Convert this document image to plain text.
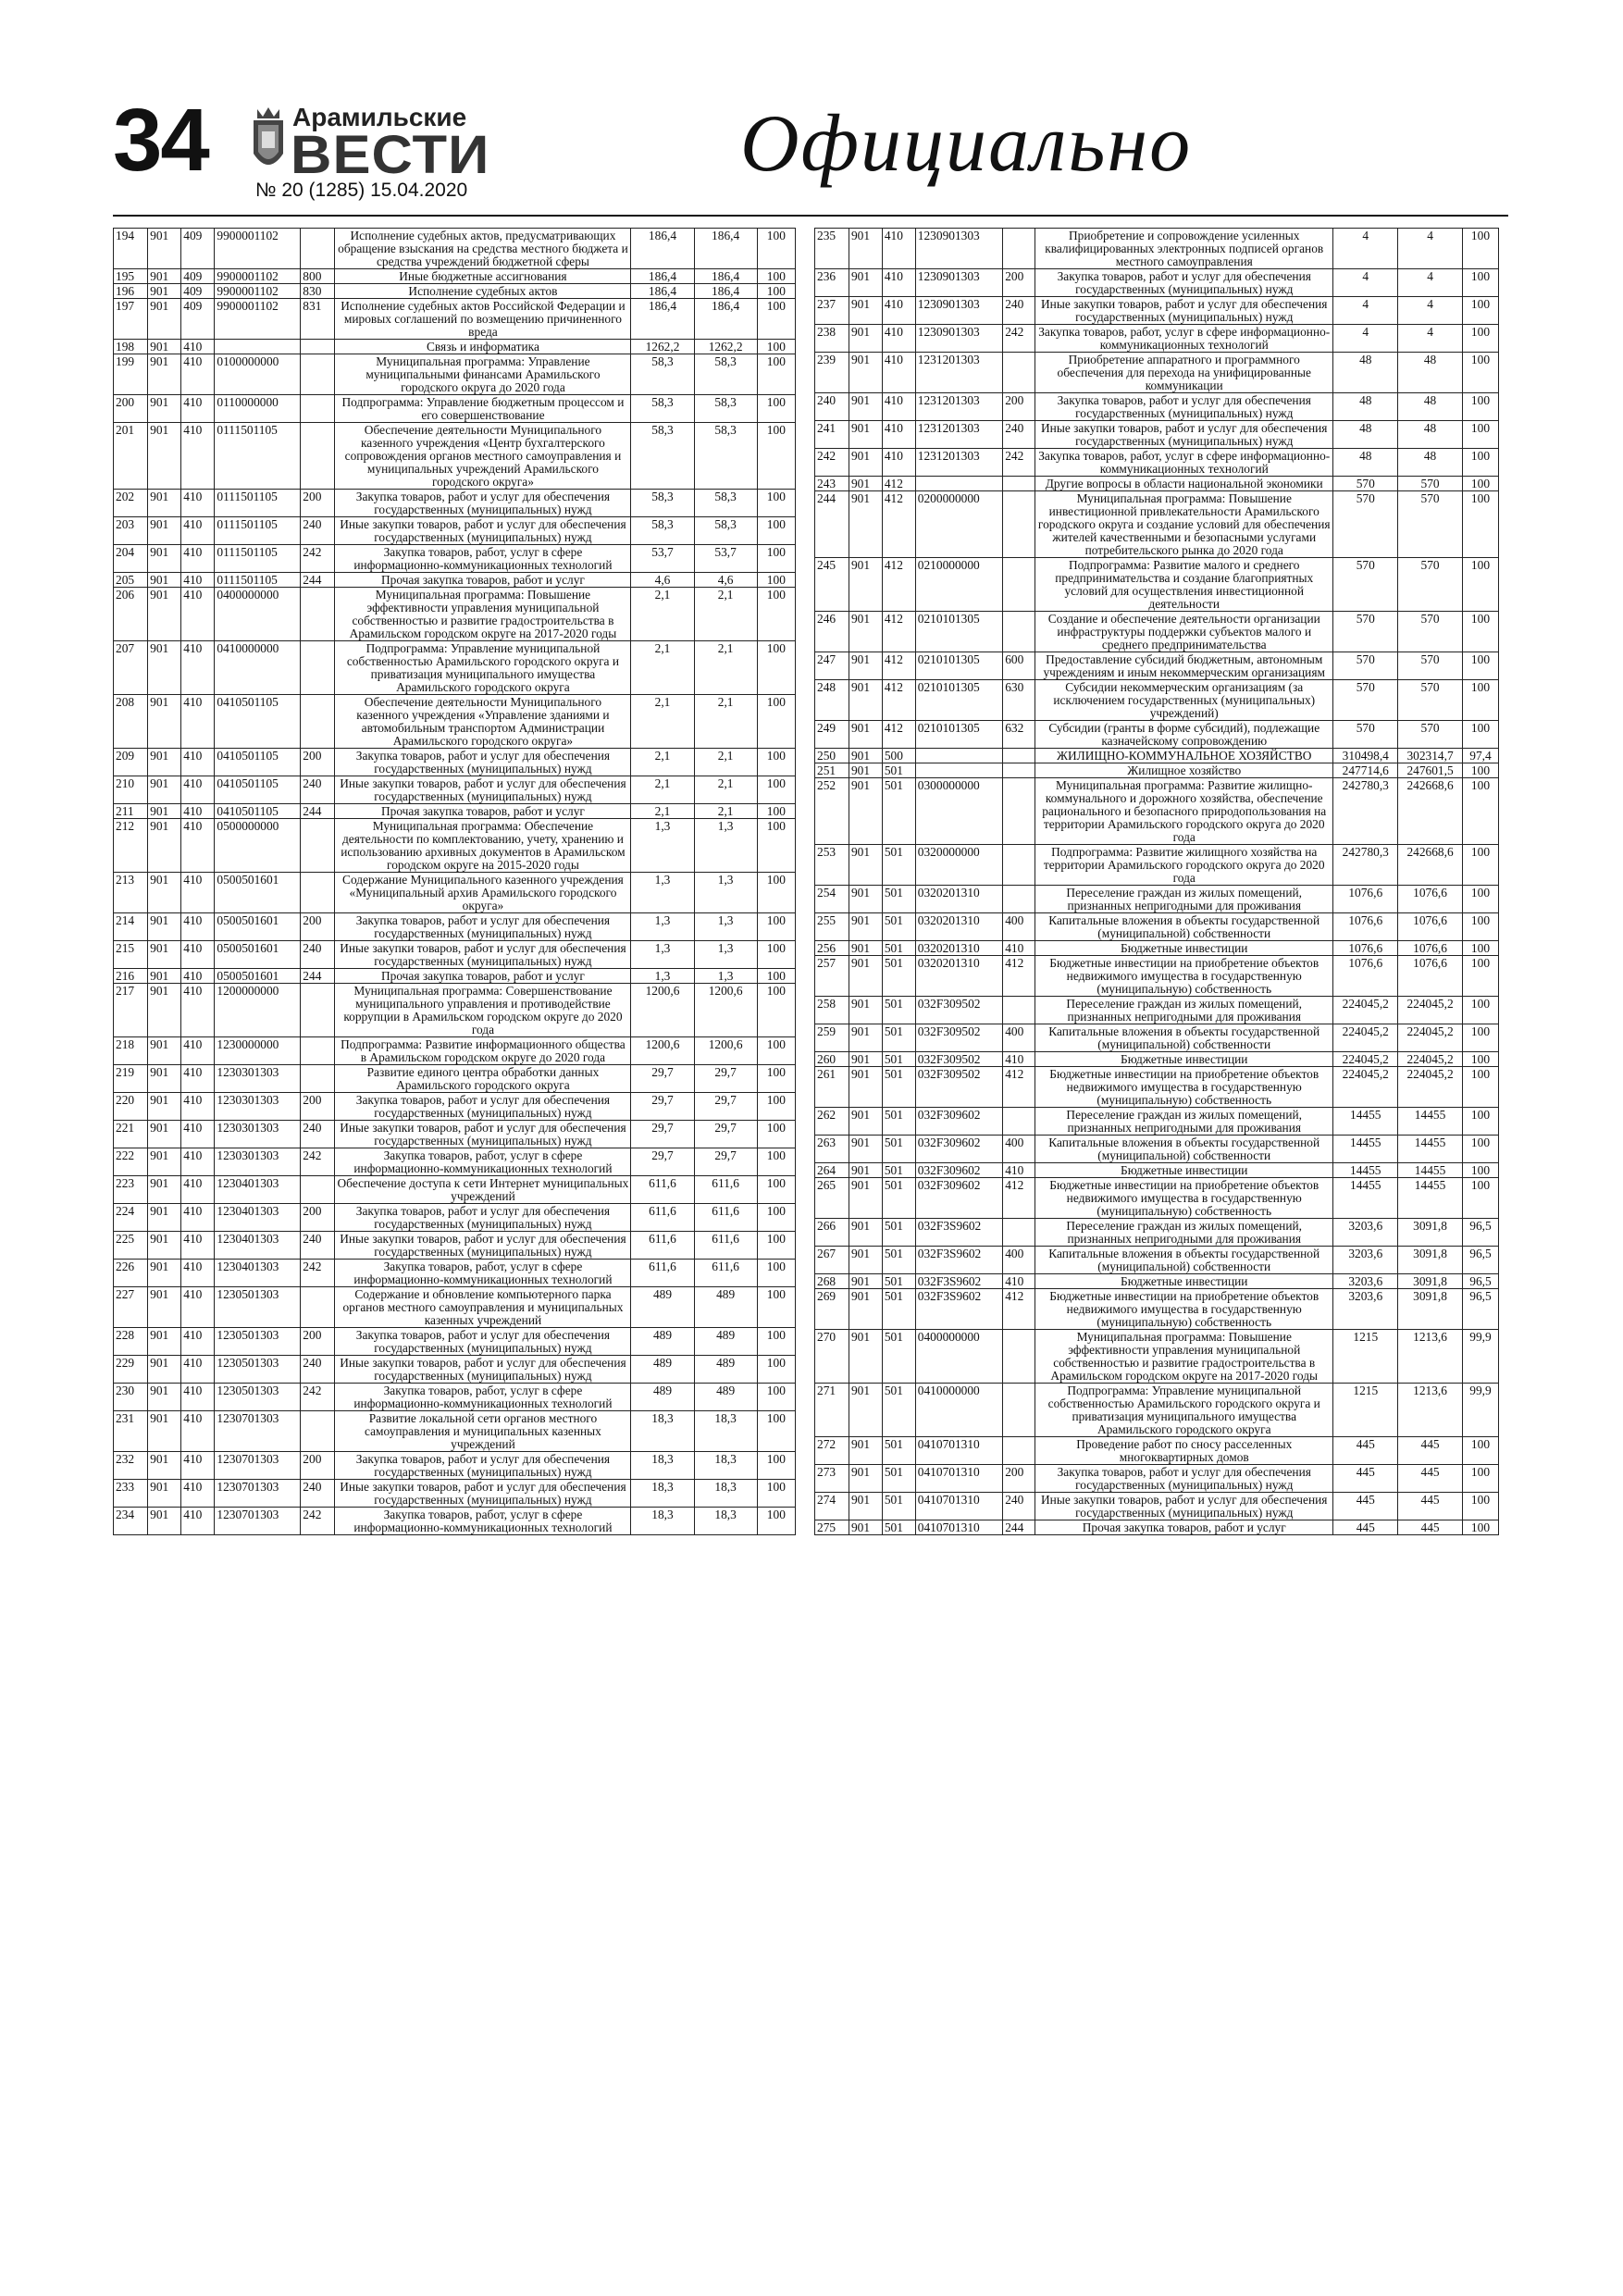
34	Арамильские
ВЕСТИ
№ 20 (1285) 15.04.2020
Официально
194	901	409	9900001102		Исполнение судебных актов, предусматривающих обращение взыскания на средства местного бюджета и средства учреждений бюджетной сферы	186,4	186,4	100
195	901	409	9900001102	800	Иные бюджетные ассигнования	186,4	186,4	100
196	901	409	9900001102	830	Исполнение судебных актов	186,4	186,4	100
197	901	409	9900001102	831	Исполнение судебных актов Российской Федерации и мировых соглашений по возмещению причиненного вреда	186,4	186,4	100
198	901	410			Связь и информатика	1262,2	1262,2	100
199	901	410	0100000000		Муниципальная программа: Управление муниципальными финансами Арамильского городского округа до 2020 года	58,3	58,3	100
200	901	410	0110000000		Подпрограмма: Управление бюджетным процессом и его совершенствование	58,3	58,3	100
201	901	410	0111501105		Обеспечение деятельности Муниципального казенного учреждения «Центр бухгалтерского сопровождения органов местного самоуправления и муниципальных учреждений Арамильского городского округа»	58,3	58,3	100
202	901	410	0111501105	200	Закупка товаров, работ и услуг для обеспечения государственных (муниципальных) нужд	58,3	58,3	100
203	901	410	0111501105	240	Иные закупки товаров, работ и услуг для обеспечения государственных (муниципальных) нужд	58,3	58,3	100
204	901	410	0111501105	242	Закупка товаров, работ, услуг в сфере информационно-коммуникационных технологий	53,7	53,7	100
205	901	410	0111501105	244	Прочая закупка товаров, работ и услуг	4,6	4,6	100
206	901	410	0400000000		Муниципальная программа: Повышение эффективности управления муниципальной собственностью и развитие градостроительства в Арамильском городском округе на 2017-2020 годы	2,1	2,1	100
207	901	410	0410000000		Подпрограмма: Управление муниципальной собственностью Арамильского городского округа и приватизация муниципального имущества Арамильского городского округа	2,1	2,1	100
208	901	410	0410501105		Обеспечение деятельности Муниципального казенного учреждения «Управление зданиями и автомобильным транспортом Администрации Арамильского городского округа»	2,1	2,1	100
209	901	410	0410501105	200	Закупка товаров, работ и услуг для обеспечения государственных (муниципальных) нужд	2,1	2,1	100
210	901	410	0410501105	240	Иные закупки товаров, работ и услуг для обеспечения государственных (муниципальных) нужд	2,1	2,1	100
211	901	410	0410501105	244	Прочая закупка товаров, работ и услуг	2,1	2,1	100
212	901	410	0500000000		Муниципальная программа: Обеспечение деятельности по комплектованию, учету, хранению и использованию архивных документов в Арамильском городском округе на 2015-2020 годы	1,3	1,3	100
213	901	410	0500501601		Содержание Муниципального казенного учреждения «Муниципальный архив Арамильского городского округа»	1,3	1,3	100
214	901	410	0500501601	200	Закупка товаров, работ и услуг для обеспечения государственных (муниципальных) нужд	1,3	1,3	100
215	901	410	0500501601	240	Иные закупки товаров, работ и услуг для обеспечения государственных (муниципальных) нужд	1,3	1,3	100
216	901	410	0500501601	244	Прочая закупка товаров, работ и услуг	1,3	1,3	100
217	901	410	1200000000		Муниципальная программа: Совершенствование муниципального управления и противодействие коррупции в Арамильском городском округе до 2020 года	1200,6	1200,6	100
218	901	410	1230000000		Подпрограмма: Развитие информационного общества в Арамильском городском округе до 2020 года	1200,6	1200,6	100
219	901	410	1230301303		Развитие единого центра обработки данных Арамильского городского округа	29,7	29,7	100
220	901	410	1230301303	200	Закупка товаров, работ и услуг для обеспечения государственных (муниципальных) нужд	29,7	29,7	100
221	901	410	1230301303	240	Иные закупки товаров, работ и услуг для обеспечения государственных (муниципальных) нужд	29,7	29,7	100
222	901	410	1230301303	242	Закупка товаров, работ, услуг в сфере информационно-коммуникационных технологий	29,7	29,7	100
223	901	410	1230401303		Обеспечение доступа к сети Интернет муниципальных учреждений	611,6	611,6	100
224	901	410	1230401303	200	Закупка товаров, работ и услуг для обеспечения государственных (муниципальных) нужд	611,6	611,6	100
225	901	410	1230401303	240	Иные закупки товаров, работ и услуг для обеспечения государственных (муниципальных) нужд	611,6	611,6	100
226	901	410	1230401303	242	Закупка товаров, работ, услуг в сфере информационно-коммуникационных технологий	611,6	611,6	100
227	901	410	1230501303		Содержание и обновление компьютерного парка органов местного самоуправления и муниципальных казенных учреждений	489	489	100
228	901	410	1230501303	200	Закупка товаров, работ и услуг для обеспечения государственных (муниципальных) нужд	489	489	100
229	901	410	1230501303	240	Иные закупки товаров, работ и услуг для обеспечения государственных (муниципальных) нужд	489	489	100
230	901	410	1230501303	242	Закупка товаров, работ, услуг в сфере информационно-коммуникационных технологий	489	489	100
231	901	410	1230701303		Развитие локальной сети органов местного самоуправления и муниципальных казенных учреждений	18,3	18,3	100
232	901	410	1230701303	200	Закупка товаров, работ и услуг для обеспечения государственных (муниципальных) нужд	18,3	18,3	100
233	901	410	1230701303	240	Иные закупки товаров, работ и услуг для обеспечения государственных (муниципальных) нужд	18,3	18,3	100
234	901	410	1230701303	242	Закупка товаров, работ, услуг в сфере информационно-коммуникационных технологий	18,3	18,3	100
235	901	410	1230901303		Приобретение и сопровождение усиленных квалифицированных электронных подписей органов местного самоуправления	4	4	100
236	901	410	1230901303	200	Закупка товаров, работ и услуг для обеспечения государственных (муниципальных) нужд	4	4	100
237	901	410	1230901303	240	Иные закупки товаров, работ и услуг для обеспечения государственных (муниципальных) нужд	4	4	100
238	901	410	1230901303	242	Закупка товаров, работ, услуг в сфере информационно-коммуникационных технологий	4	4	100
239	901	410	1231201303		Приобретение аппаратного и программного обеспечения для перехода на унифицированные коммуникации	48	48	100
240	901	410	1231201303	200	Закупка товаров, работ и услуг для обеспечения государственных (муниципальных) нужд	48	48	100
241	901	410	1231201303	240	Иные закупки товаров, работ и услуг для обеспечения государственных (муниципальных) нужд	48	48	100
242	901	410	1231201303	242	Закупка товаров, работ, услуг в сфере информационно-коммуникационных технологий	48	48	100
243	901	412			Другие вопросы в области национальной экономики	570	570	100
244	901	412	0200000000		Муниципальная программа: Повышение инвестиционной привлекательности Арамильского городского округа и создание условий для обеспечения жителей качественными и безопасными услугами потребительского рынка до 2020 года	570	570	100
245	901	412	0210000000		Подпрограмма: Развитие малого и среднего предпринимательства и создание благоприятных условий для осуществления инвестиционной деятельности	570	570	100
246	901	412	0210101305		Создание и обеспечение деятельности организации инфраструктуры поддержки субъектов малого и среднего предпринимательства	570	570	100
247	901	412	0210101305	600	Предоставление субсидий бюджетным, автономным учреждениям и иным некоммерческим организациям	570	570	100
248	901	412	0210101305	630	Субсидии некоммерческим организациям (за исключением государственных (муниципальных) учреждений)	570	570	100
249	901	412	0210101305	632	Субсидии (гранты в форме субсидий), подлежащие казначейскому сопровождению	570	570	100
250	901	500			ЖИЛИЩНО-КОММУНАЛЬНОЕ ХОЗЯЙСТВО	310498,4	302314,7	97,4
251	901	501			Жилищное хозяйство	247714,6	247601,5	100
252	901	501	0300000000		Муниципальная программа: Развитие жилищно-коммунального и дорожного хозяйства, обеспечение рационального и безопасного природопользования на территории Арамильского городского округа до 2020 года	242780,3	242668,6	100
253	901	501	0320000000		Подпрограмма: Развитие жилищного хозяйства на территории Арамильского городского округа до 2020 года	242780,3	242668,6	100
254	901	501	0320201310		Переселение граждан из жилых помещений, признанных непригодными для проживания	1076,6	1076,6	100
255	901	501	0320201310	400	Капитальные вложения в объекты государственной (муниципальной) собственности	1076,6	1076,6	100
256	901	501	0320201310	410	Бюджетные инвестиции	1076,6	1076,6	100
257	901	501	0320201310	412	Бюджетные инвестиции на приобретение объектов недвижимого имущества в государственную (муниципальную) собственность	1076,6	1076,6	100
258	901	501	032F309502		Переселение граждан из жилых помещений, признанных непригодными для проживания	224045,2	224045,2	100
259	901	501	032F309502	400	Капитальные вложения в объекты государственной (муниципальной) собственности	224045,2	224045,2	100
260	901	501	032F309502	410	Бюджетные инвестиции	224045,2	224045,2	100
261	901	501	032F309502	412	Бюджетные инвестиции на приобретение объектов недвижимого имущества в государственную (муниципальную) собственность	224045,2	224045,2	100
262	901	501	032F309602		Переселение граждан из жилых помещений, признанных непригодными для проживания	14455	14455	100
263	901	501	032F309602	400	Капитальные вложения в объекты государственной (муниципальной) собственности	14455	14455	100
264	901	501	032F309602	410	Бюджетные инвестиции	14455	14455	100
265	901	501	032F309602	412	Бюджетные инвестиции на приобретение объектов недвижимого имущества в государственную (муниципальную) собственность	14455	14455	100
266	901	501	032F3S9602		Переселение граждан из жилых помещений, признанных непригодными для проживания	3203,6	3091,8	96,5
267	901	501	032F3S9602	400	Капитальные вложения в объекты государственной (муниципальной) собственности	3203,6	3091,8	96,5
268	901	501	032F3S9602	410	Бюджетные инвестиции	3203,6	3091,8	96,5
269	901	501	032F3S9602	412	Бюджетные инвестиции на приобретение объектов недвижимого имущества в государственную (муниципальную) собственность	3203,6	3091,8	96,5
270	901	501	0400000000		Муниципальная программа: Повышение эффективности управления муниципальной собственностью и развитие градостроительства в Арамильском городском округе на 2017-2020 годы	1215	1213,6	99,9
271	901	501	0410000000		Подпрограмма: Управление муниципальной собственностью Арамильского городского округа и приватизация муниципального имущества Арамильского городского округа	1215	1213,6	99,9
272	901	501	0410701310		Проведение работ по сносу расселенных многоквартирных домов	445	445	100
273	901	501	0410701310	200	Закупка товаров, работ и услуг для обеспечения государственных (муниципальных) нужд	445	445	100
274	901	501	0410701310	240	Иные закупки товаров, работ и услуг для обеспечения государственных (муниципальных) нужд	445	445	100
275	901	501	0410701310	244	Прочая закупка товаров, работ и услуг	445	445	100
